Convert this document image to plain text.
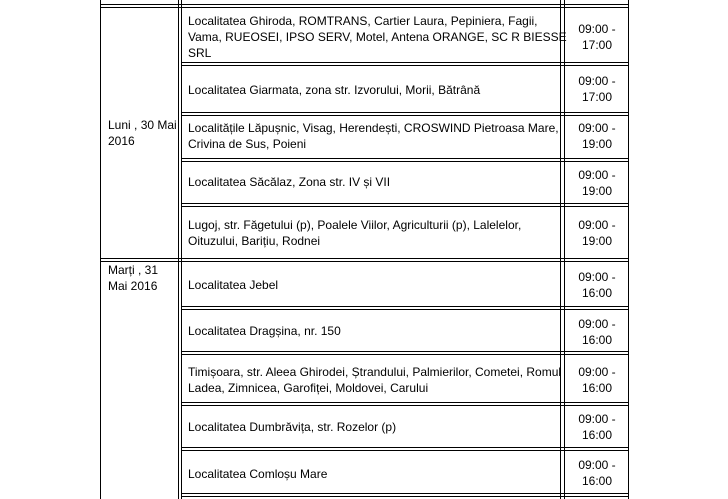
Luni , 30 Mai 2016
Marți , 31 Mai 2016
Localitatea Ghiroda, ROMTRANS, Cartier Laura, Pepiniera, Fagii, Vama, RUEOSEI, IPSO SERV, Motel, Antena ORANGE, SC R BIESSE SRL
09:00 - 17:00
Localitatea Giarmata, zona str. Izvorului, Morii, Bătrână
09:00 - 17:00
Localitățile Lăpușnic, Visag, Herendești, CROSWIND Pietroasa Mare, Crivina de Sus, Poieni
09:00 - 19:00
Localitatea Săcălaz, Zona str. IV și VII	09:00 - 19:00
Lugoj, str. Făgetului (p), Poalele Viilor, Agriculturii (p), Lalelelor, Oituzului, Barițiu, Rodnei
09:00 - 19:00
Localitatea Jebel
09:00 - 16:00
Localitatea Dragșina, nr. 150	09:00 - 16:00
Timișoara, str. Aleea Ghirodei, Ștrandului, Palmierilor, Cometei, Romul Ladea, Zimnicea, Garofiței, Moldovei, Carului
09:00 - 16:00
Localitatea Dumbrăvița, str. Rozelor (p)
09:00 - 16:00
Localitatea Comloșu Mare
09:00 - 16:00
